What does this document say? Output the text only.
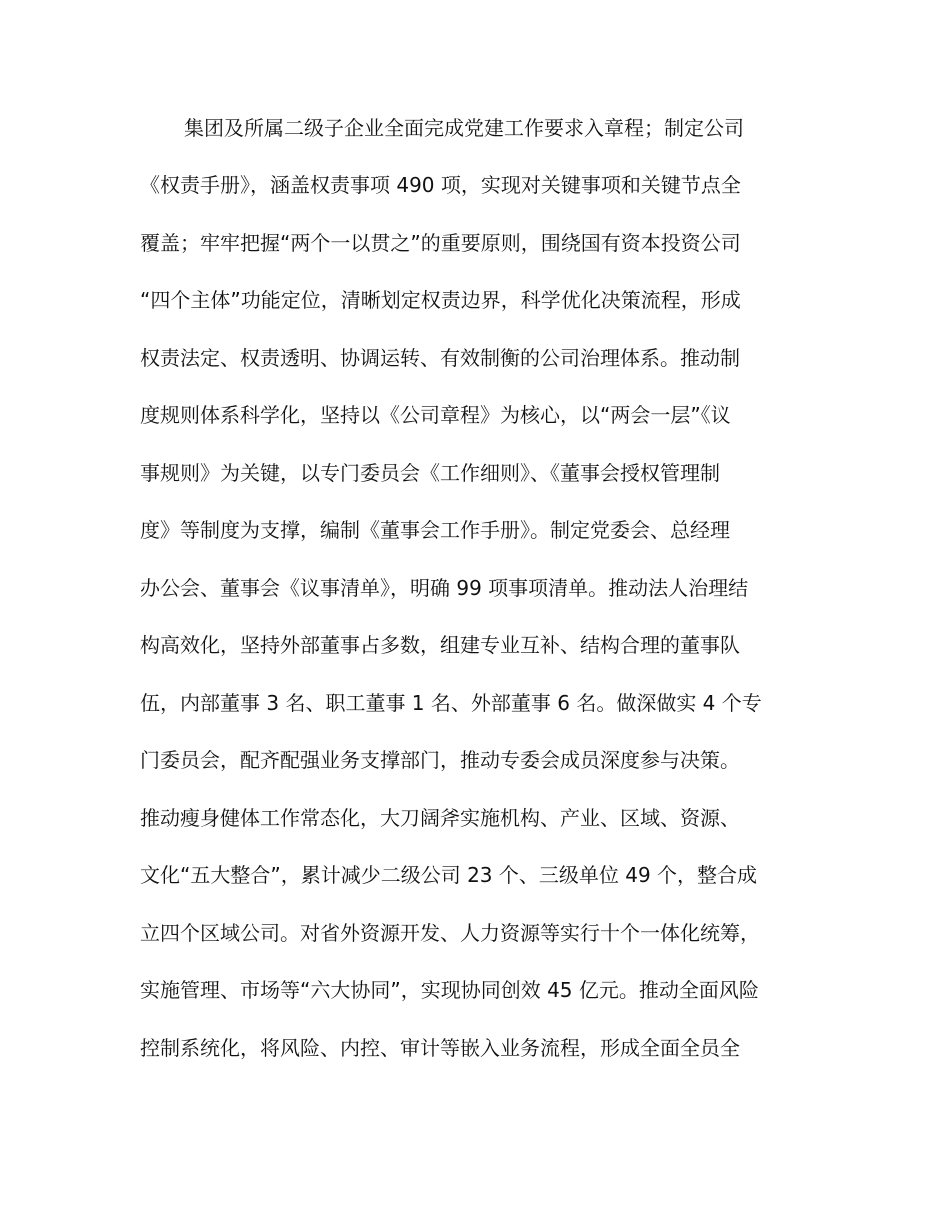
集团及所属二级子企业全面完成党建工作要求入章程；制定公司
《权责手册》，涵盖权责事项 490 项，实现对关键事项和关键节点全
覆盖；牢牢把握“两个一以贯之”的重要原则，围绕国有资本投资公司
“四个主体”功能定位，清晰划定权责边界，科学优化决策流程，形成
权责法定、权责透明、协调运转、有效制衡的公司治理体系。推动制
度规则体系科学化，坚持以《公司章程》为核心，以“两会一层”《议
事规则》为关键，以专门委员会《工作细则》、《董事会授权管理制
度》等制度为支撑，编制《董事会工作手册》。制定党委会、总经理
办公会、董事会《议事清单》，明确 99 项事项清单。推动法人治理结
构高效化，坚持外部董事占多数，组建专业互补、结构合理的董事队
伍，内部董事 3 名、职工董事 1 名、外部董事 6 名。做深做实 4 个专
门委员会，配齐配强业务支撑部门，推动专委会成员深度参与决策。
推动瘦身健体工作常态化，大刀阔斧实施机构、产业、区域、资源、
文化“五大整合”，累计减少二级公司 23 个、三级单位 49 个，整合成
立四个区域公司。对省外资源开发、人力资源等实行十个一体化统筹，
实施管理、市场等“六大协同”，实现协同创效 45 亿元。推动全面风险
控制系统化，将风险、内控、审计等嵌入业务流程，形成全面全员全
